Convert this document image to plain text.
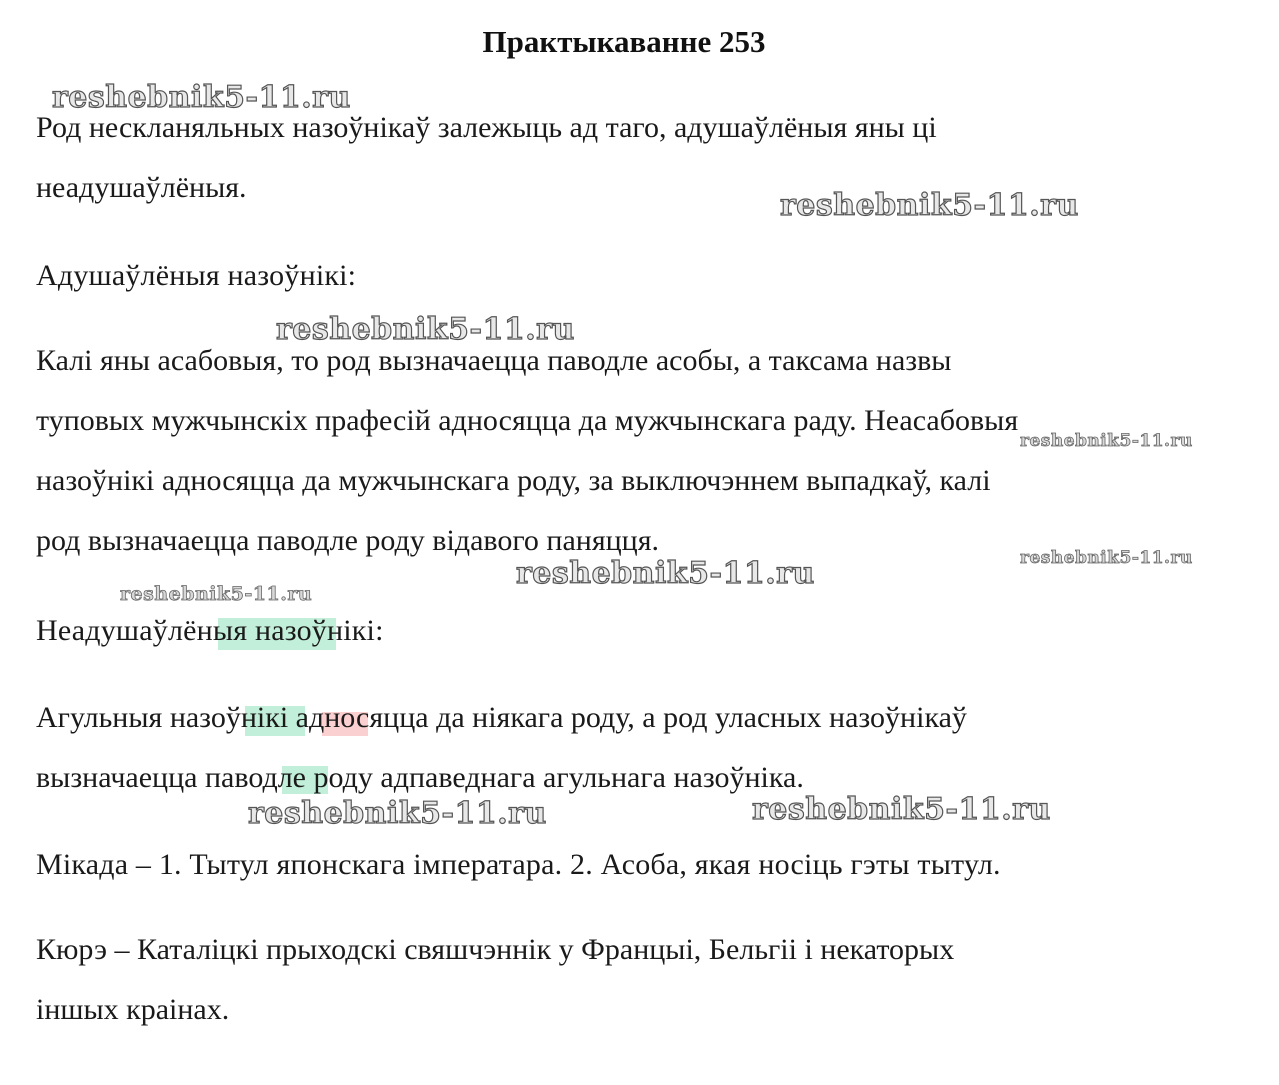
Практыкаванне 253
reshebnik5-11.ru
reshebnik5-11.ru
reshebnik5-11.ru
reshebnik5-11.ru
reshebnik5-11.ru
reshebnik5-11.ru
reshebnik5-11.ru
reshebnik5-11.ru	reshebnik5-11.ru
Род нескланяльных назоўнікаў залежыць ад таго, адушаўлёныя яны ці
неадушаўлёныя.
Адушаўлёныя назоўнікі:
Калі яны асабовыя, то род вызначаецца паводле асобы, а таксама назвы
туповых мужчынскіх прафесій адносяцца да мужчынскага раду. Неасабовыя
назоўнікі адносяцца да мужчынскага роду, за выключэннем выпадкаў, калі
род вызначаецца паводле роду відавого паняцця.
Неадушаўлёныя назоўнікі:
Агульныя назоўнікі адносяцца да ніякага роду, а род уласных назоўнікаў
вызначаецца паводле роду адпаведнага агульнага назоўніка.
Мікада – 1. Тытул японскага імператара. 2. Асоба, якая носіць гэты тытул.
Кюрэ – Каталіцкі прыходскі свяшчэннік у Францыі, Бельгіі і некаторых
іншых краінах.
